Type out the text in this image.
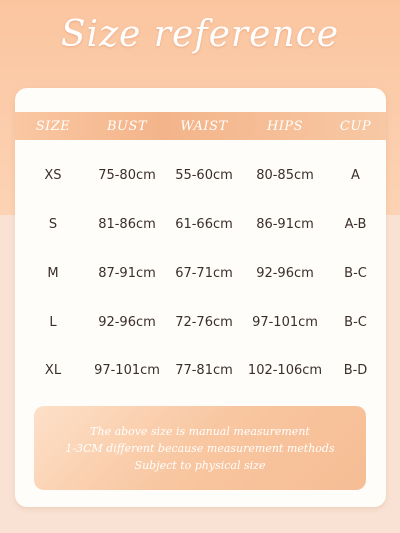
Size reference
SIZE	BUST	WAIST	HIPS	CUP
XS	75-80cm	55-60cm	80-85cm	A
S	81-86cm	61-66cm	86-91cm	A-B
M	87-91cm	67-71cm	92-96cm	B-C
L	92-96cm	72-76cm	97-101cm	B-C
XL	97-101cm	77-81cm	102-106cm	B-D
The above size is manual measurement
1-3CM different because measurement methods
Subject to physical size
